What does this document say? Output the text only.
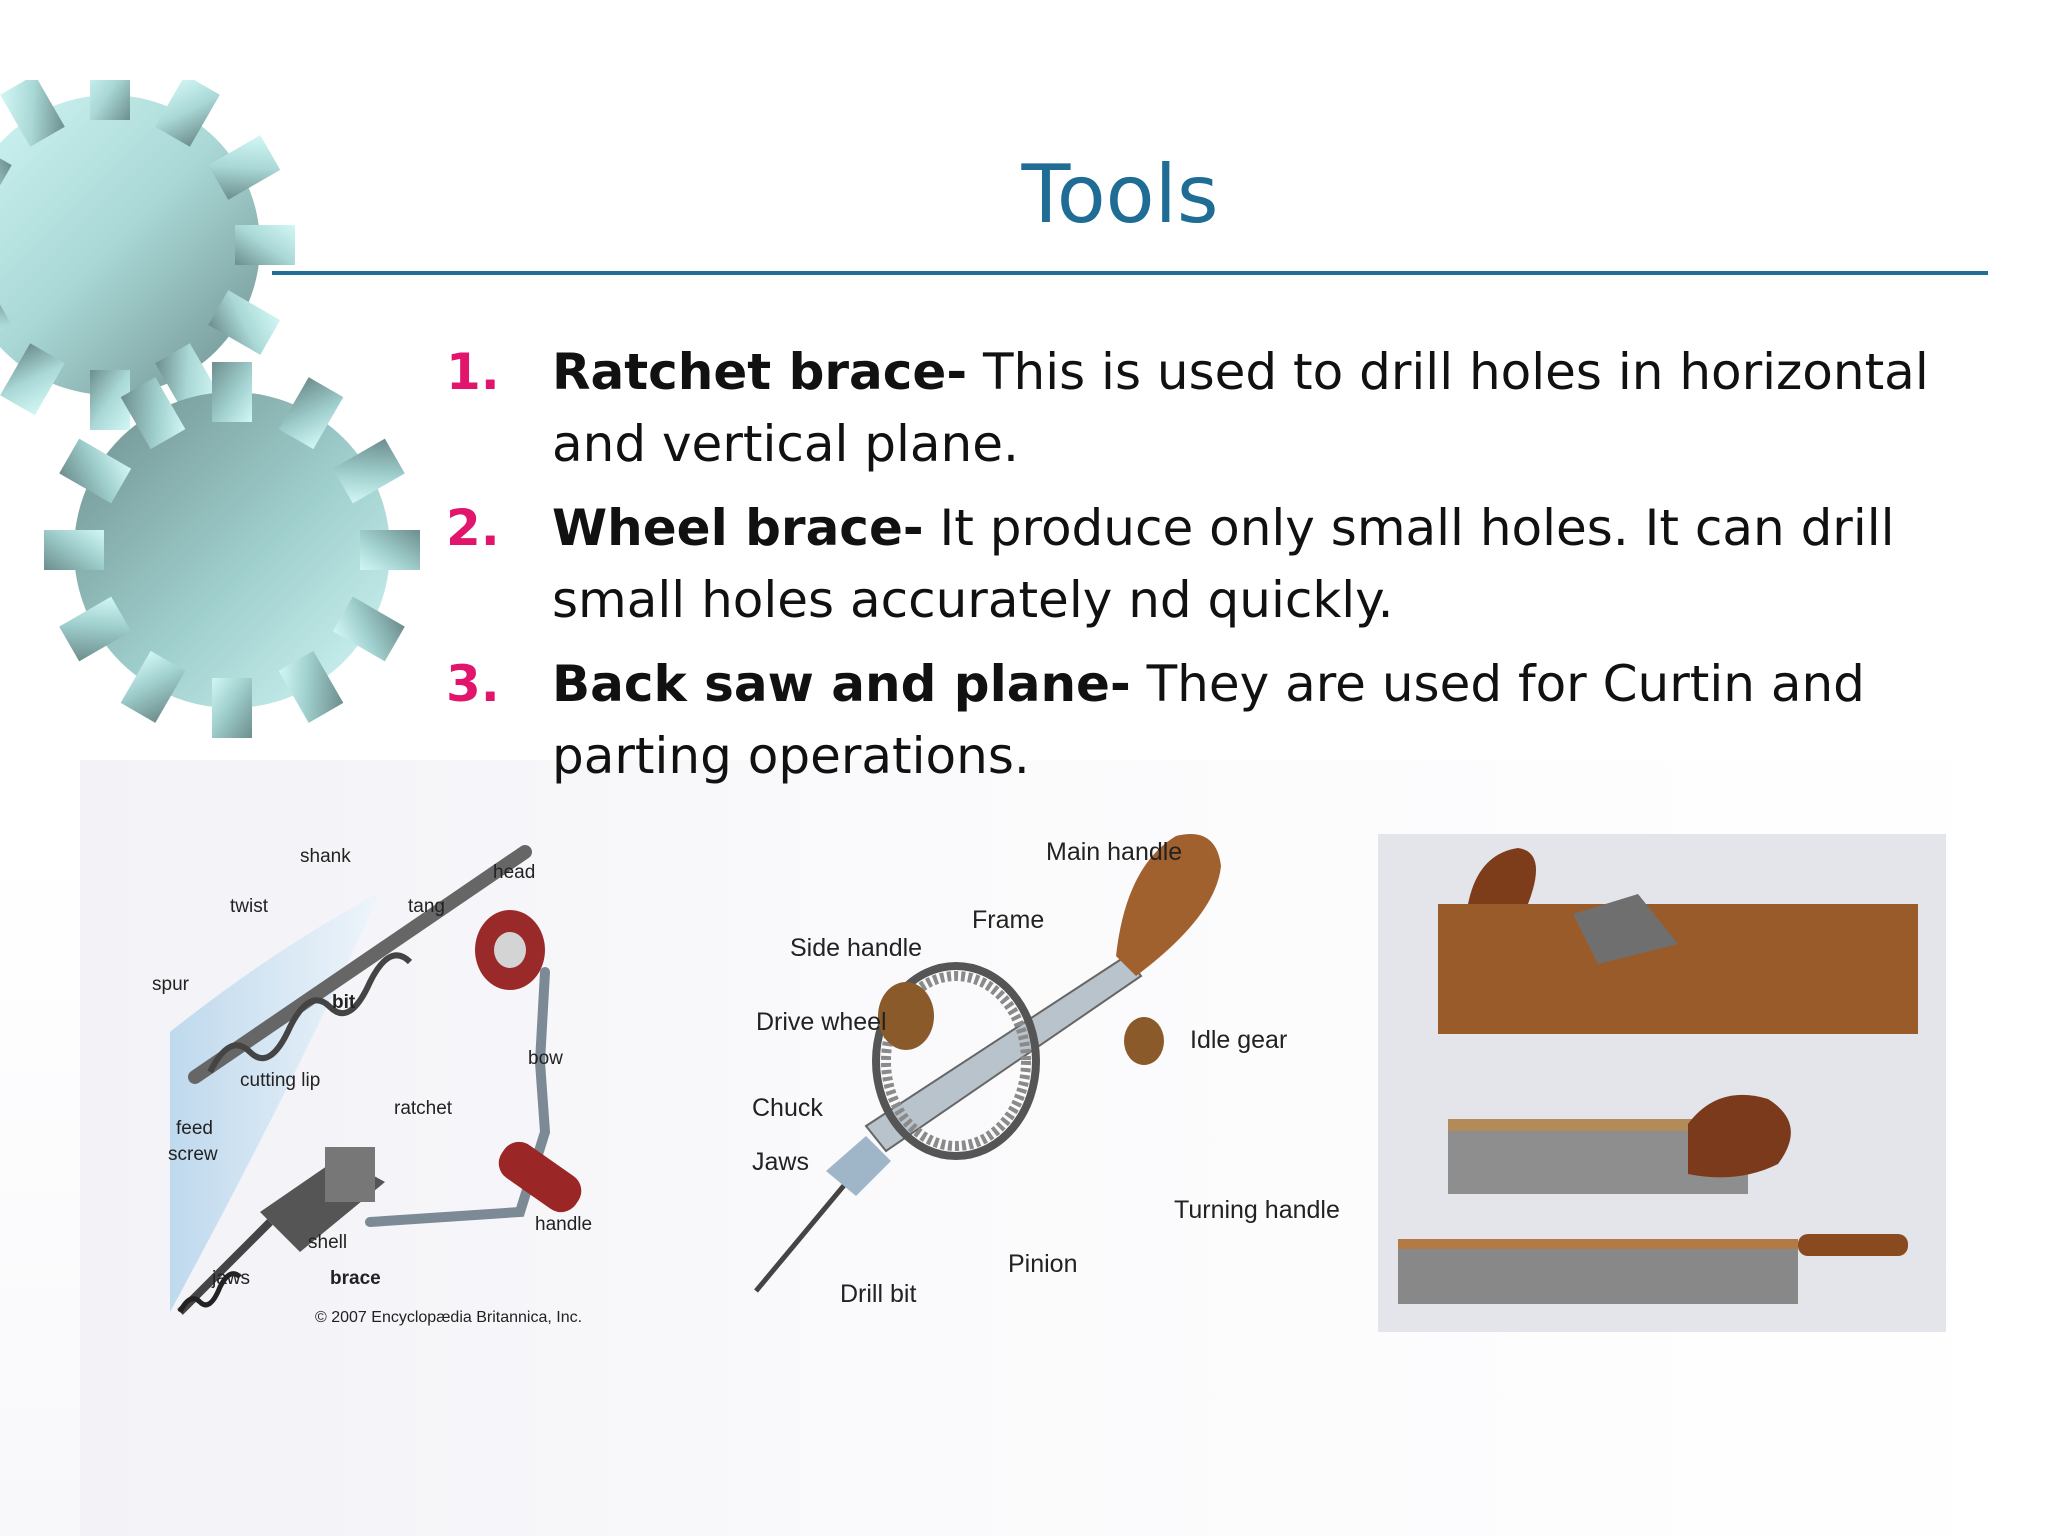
Tools
1. Ratchet brace- This is used to drill holes in horizontal and vertical plane.
2. Wheel brace- It produce only small holes. It can drill small holes accurately nd quickly.
3. Back saw and plane- They are used for Curtin and parting operations.
shank
twist	tang
head
spur
bit
cutting lip
bow
feed
screw
ratchet
handle
shell
jaws	brace
© 2007 Encyclopædia Britannica, Inc.
Main handle
Frame
Side handle
Drive wheel
Idle gear
Chuck
Jaws
Turning handle
Pinion
Drill bit
